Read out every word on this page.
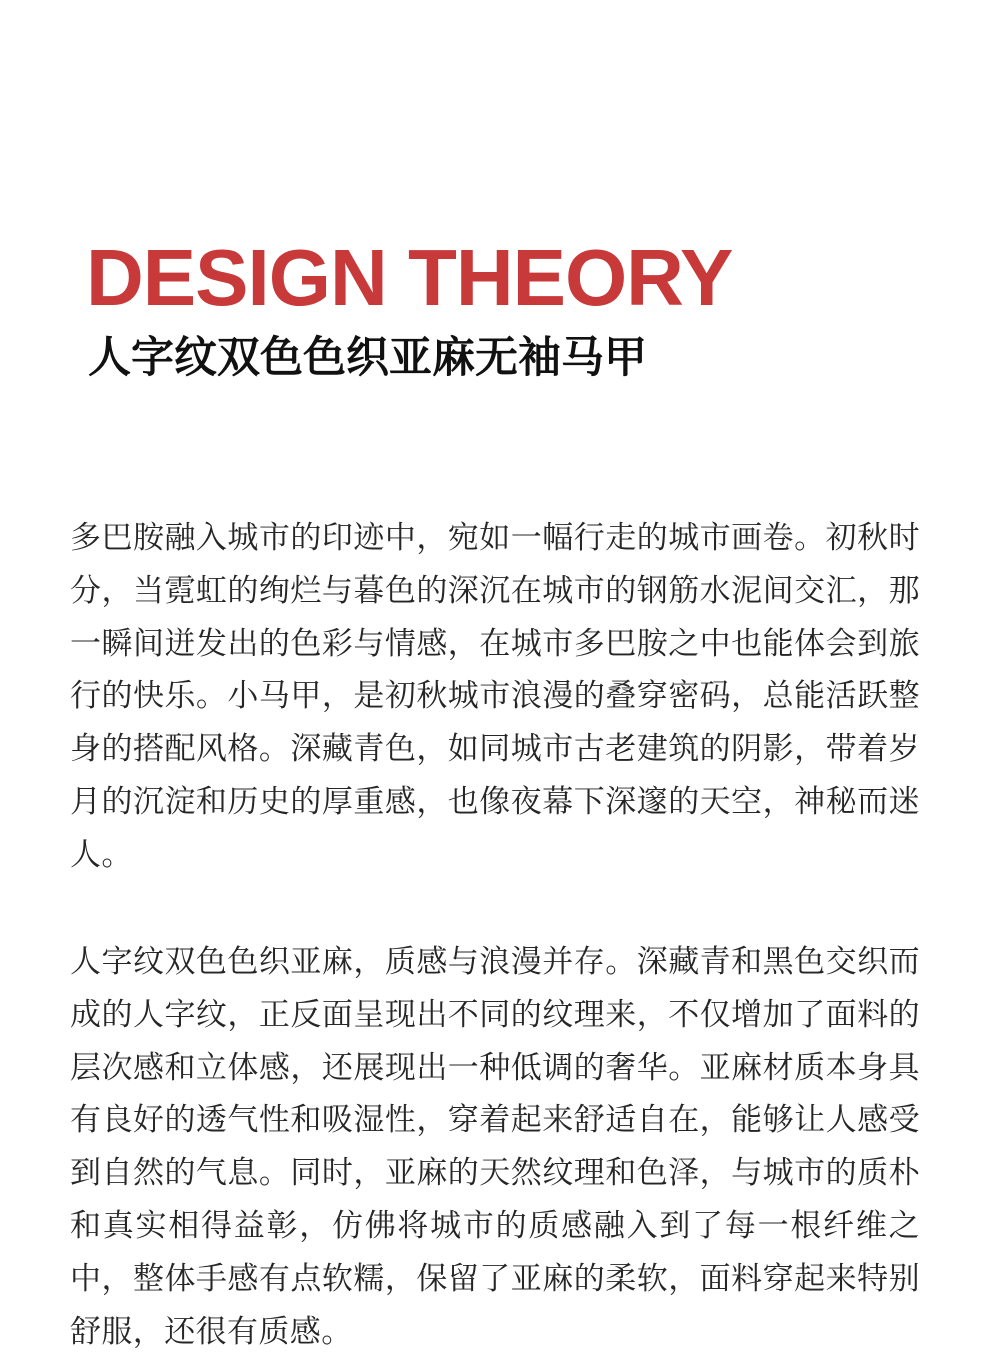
DESIGN THEORY
人字纹双色色织亚麻无袖马甲

多巴胺融入城市的印迹中，宛如一幅行走的城市画卷。初秋时分，当霓虹的绚烂与暮色的深沉在城市的钢筋水泥间交汇，那一瞬间迸发出的色彩与情感，在城市多巴胺之中也能体会到旅行的快乐。小马甲，是初秋城市浪漫的叠穿密码，总能活跃整身的搭配风格。深藏青色，如同城市古老建筑的阴影，带着岁月的沉淀和历史的厚重感，也像夜幕下深邃的天空，神秘而迷人。

人字纹双色色织亚麻，质感与浪漫并存。深藏青和黑色交织而成的人字纹，正反面呈现出不同的纹理来，不仅增加了面料的层次感和立体感，还展现出一种低调的奢华。亚麻材质本身具有良好的透气性和吸湿性，穿着起来舒适自在，能够让人感受到自然的气息。同时，亚麻的天然纹理和色泽，与城市的质朴和真实相得益彰，仿佛将城市的质感融入到了每一根纤维之中，整体手感有点软糯，保留了亚麻的柔软，面料穿起来特别舒服，还很有质感。
